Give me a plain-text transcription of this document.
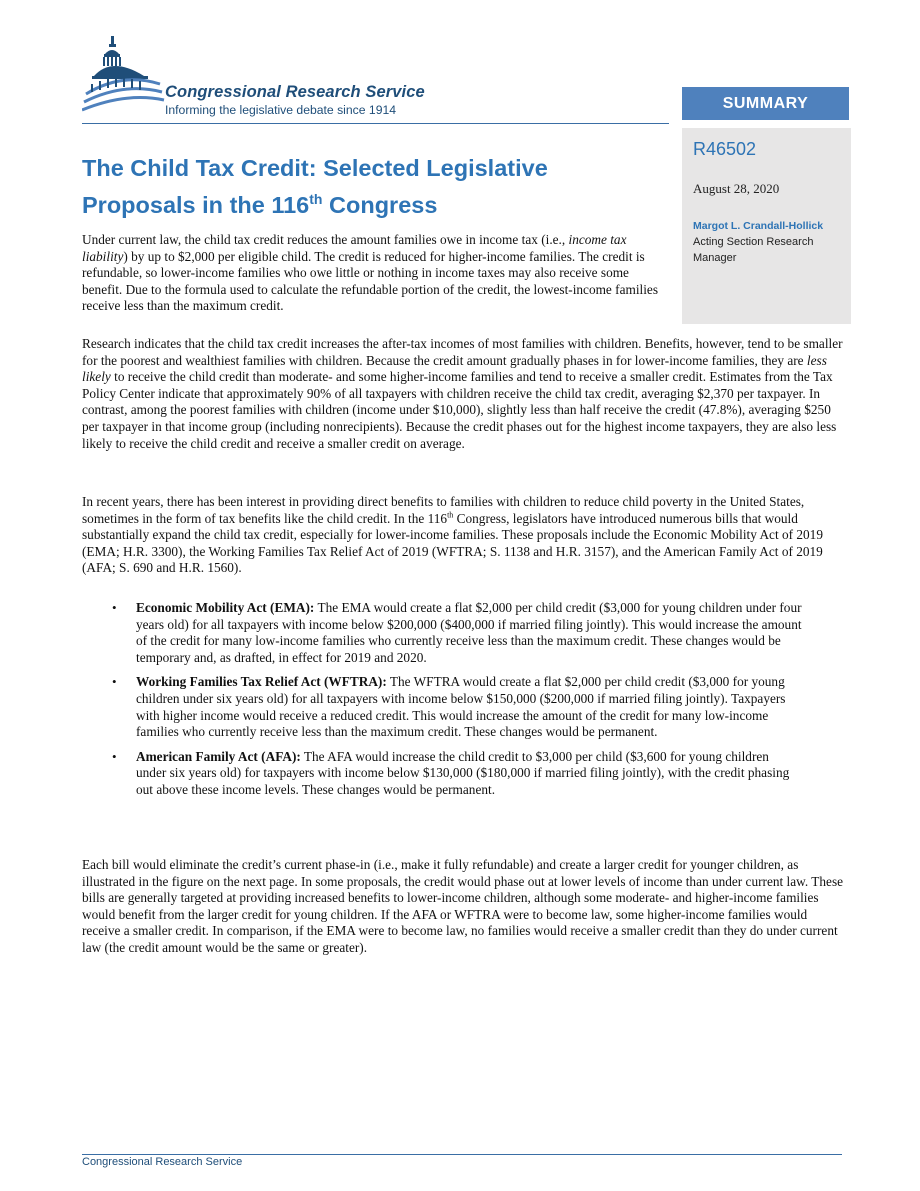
Congressional Research Service
Informing the legislative debate since 1914	SUMMARY
R46502
August 28, 2020
Margot L. Crandall-Hollick
Acting Section Research Manager
The Child Tax Credit: Selected Legislative
Proposals in the 116th Congress
Under current law, the child tax credit reduces the amount families owe in income tax (i.e., income tax liability) by up to $2,000 per eligible child. The credit is reduced for higher-income families. The credit is refundable, so lower-income families who owe little or nothing in income taxes may also receive some benefit. Due to the formula used to calculate the refundable portion of the credit, the lowest-income families receive less than the maximum credit.
Research indicates that the child tax credit increases the after-tax incomes of most families with children. Benefits, however, tend to be smaller for the poorest and wealthiest families with children. Because the credit amount gradually phases in for lower-income families, they are less likely to receive the child credit than moderate- and some higher-income families and tend to receive a smaller credit. Estimates from the Tax Policy Center indicate that approximately 90% of all taxpayers with children receive the child tax credit, averaging $2,370 per taxpayer. In contrast, among the poorest families with children (income under $10,000), slightly less than half receive the credit (47.8%), averaging $250 per taxpayer in that income group (including nonrecipients). Because the credit phases out for the highest income taxpayers, they are also less likely to receive the child credit and receive a smaller credit on average.
In recent years, there has been interest in providing direct benefits to families with children to reduce child poverty in the United States, sometimes in the form of tax benefits like the child credit. In the 116th Congress, legislators have introduced numerous bills that would substantially expand the child tax credit, especially for lower-income families. These proposals include the Economic Mobility Act of 2019 (EMA; H.R. 3300), the Working Families Tax Relief Act of 2019 (WFTRA; S. 1138 and H.R. 3157), and the American Family Act of 2019 (AFA; S. 690 and H.R. 1560).
• Economic Mobility Act (EMA): The EMA would create a flat $2,000 per child credit ($3,000 for young children under four years old) for all taxpayers with income below $200,000 ($400,000 if married filing jointly). This would increase the amount of the credit for many low-income families who currently receive less than the maximum credit. These changes would be temporary and, as drafted, in effect for 2019 and 2020.
• Working Families Tax Relief Act (WFTRA): The WFTRA would create a flat $2,000 per child credit ($3,000 for young children under six years old) for all taxpayers with income below $150,000 ($200,000 if married filing jointly). Taxpayers with higher income would receive a reduced credit. This would increase the amount of the credit for many low-income families who currently receive less than the maximum credit. These changes would be permanent.
• American Family Act (AFA): The AFA would increase the child credit to $3,000 per child ($3,600 for young children under six years old) for taxpayers with income below $130,000 ($180,000 if married filing jointly), with the credit phasing out above these income levels. These changes would be permanent.
Each bill would eliminate the credit’s current phase-in (i.e., make it fully refundable) and create a larger credit for younger children, as illustrated in the figure on the next page. In some proposals, the credit would phase out at lower levels of income than under current law. These bills are generally targeted at providing increased benefits to lower-income children, although some moderate- and higher-income families would benefit from the larger credit for young children. If the AFA or WFTRA were to become law, some higher-income families would receive a smaller credit. In comparison, if the EMA were to become law, no families would receive a smaller credit than they do under current law (the credit amount would be the same or greater).
Congressional Research Service
